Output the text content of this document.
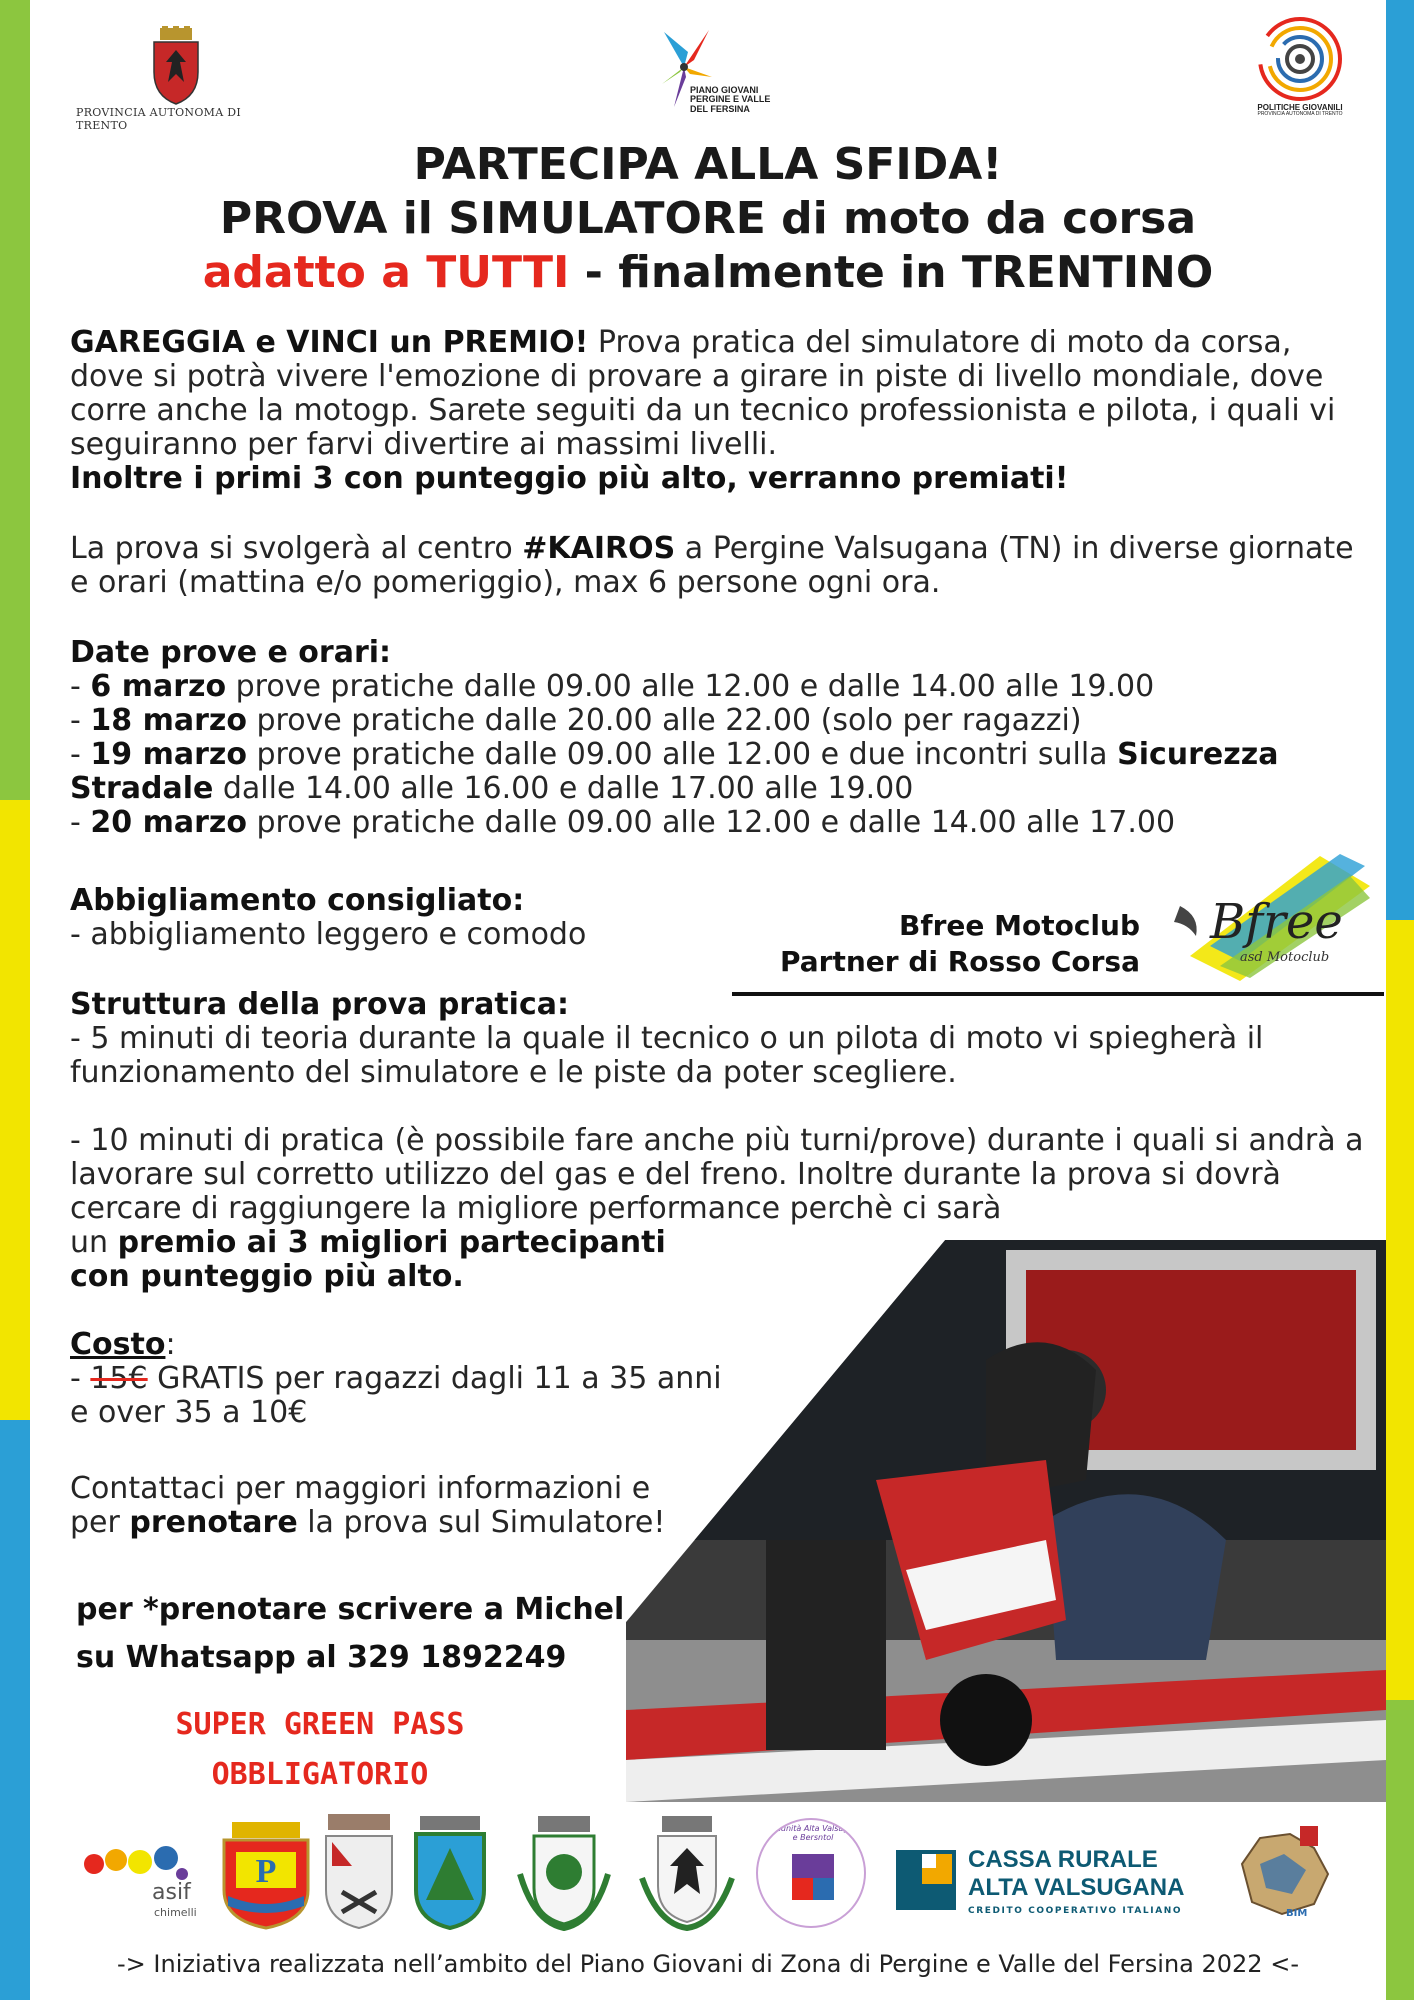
PROVINCIA AUTONOMA DI TRENTO
PIANO GIOVANI
PERGINE E VALLE
DEL FERSINA	POLITICHE GIOVANILI
PROVINCIA AUTONOMA DI TRENTO
PARTECIPA ALLA SFIDA!
PROVA il SIMULATORE di moto da corsa
adatto a TUTTI - finalmente in TRENTINO
GAREGGIA e VINCI un PREMIO! Prova pratica del simulatore di moto da corsa, dove si potrà vivere l'emozione di provare a girare in piste di livello mondiale, dove corre anche la motogp. Sarete seguiti da un tecnico professionista e pilota, i quali vi seguiranno per farvi divertire ai massimi livelli.
Inoltre i primi 3 con punteggio più alto, verranno premiati!
La prova si svolgerà al centro #KAIROS a Pergine Valsugana (TN) in diverse giornate e orari (mattina e/o pomeriggio), max 6 persone ogni ora.
Date prove e orari:
- 6 marzo prove pratiche dalle 09.00 alle 12.00 e dalle 14.00 alle 19.00
- 18 marzo prove pratiche dalle 20.00 alle 22.00 (solo per ragazzi)
- 19 marzo prove pratiche dalle 09.00 alle 12.00 e due incontri sulla Sicurezza Stradale dalle 14.00 alle 16.00 e dalle 17.00 alle 19.00
- 20 marzo prove pratiche dalle 09.00 alle 12.00 e dalle 14.00 alle 17.00
Abbigliamento consigliato:
- abbigliamento leggero e comodo	Bfree Motoclub
Partner di Rosso Corsa
Bfree
asd Motoclub
Struttura della prova pratica:
- 5 minuti di teoria durante la quale il tecnico o un pilota di moto vi spiegherà il funzionamento del simulatore e le piste da poter scegliere.
- 10 minuti di pratica (è possibile fare anche più turni/prove) durante i quali si andrà a lavorare sul corretto utilizzo del gas e del freno. Inoltre durante la prova si dovrà cercare di raggiungere la migliore performance perchè ci sarà
un premio ai 3 migliori partecipanti con punteggio più alto.
Costo:
- 15€ GRATIS per ragazzi dagli 11 a 35 anni
e over 35 a 10€
Contattaci per maggiori informazioni e
per prenotare la prova sul Simulatore!
per *prenotare scrivere a Michel
su Whatsapp al 329 1892249
SUPER GREEN PASS
OBBLIGATORIO
asif
chimelli
P
Comunità Alta Valsugana e Bersntol
CASSA RURALE
ALTA VALSUGANA
CREDITO COOPERATIVO ITALIANO	BIM
-> Iniziativa realizzata nell’ambito del Piano Giovani di Zona di Pergine e Valle del Fersina 2022 <-
